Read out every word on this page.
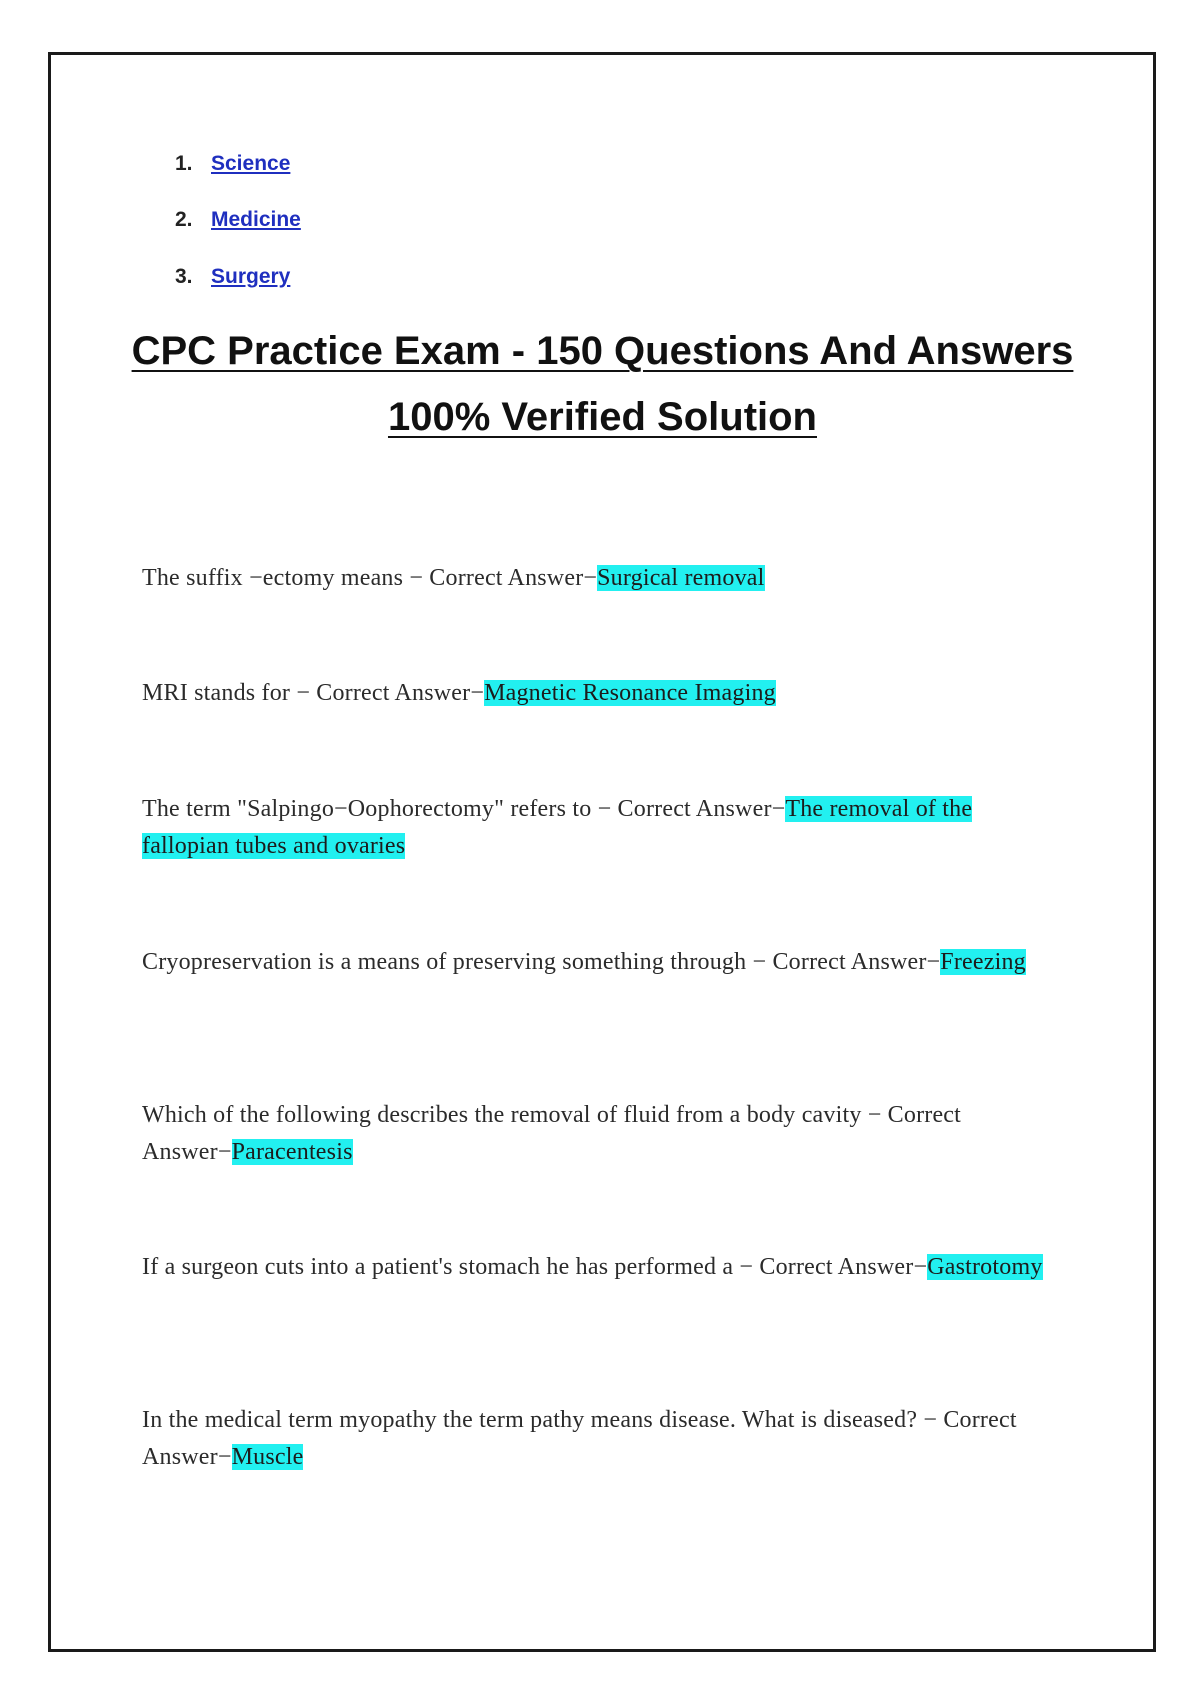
1. Science
2. Medicine
3. Surgery
CPC Practice Exam - 150 Questions And Answers
100% Verified Solution
The suffix −ectomy means − Correct Answer−Surgical removal
MRI stands for − Correct Answer−Magnetic Resonance Imaging
The term "Salpingo−Oophorectomy" refers to − Correct Answer−The removal of the fallopian tubes and ovaries
Cryopreservation is a means of preserving something through − Correct Answer−Freezing
Which of the following describes the removal of fluid from a body cavity − Correct Answer−Paracentesis
If a surgeon cuts into a patient's stomach he has performed a − Correct Answer−Gastrotomy
In the medical term myopathy the term pathy means disease. What is diseased? − Correct Answer−Muscle
